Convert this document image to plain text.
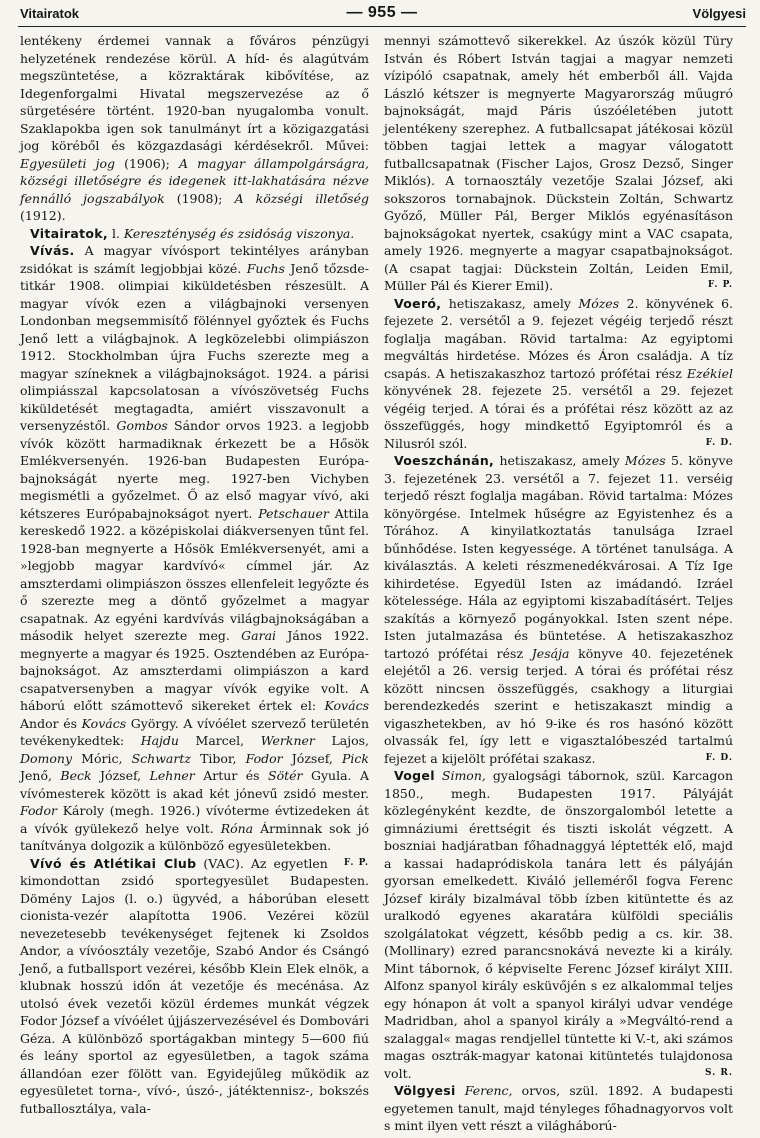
Vitairatok	— 955 —	Völgyesi

lentékeny érdemei vannak a főváros pénzügyi helyzetének rendezése körül. A híd- és alagútvám megszüntetése, a közraktárak kibővítése, az Idegenforgalmi Hivatal megszervezése az ő sürgetésére történt. 1920-ban nyugalomba vonult. Szaklapokba igen sok tanulmányt írt a közigazgatási jog köréből és közgazdasági kérdésekről. Művei: Egyesületi jog (1906); A magyar állampolgárságra, községi illetőségre és idegenek itt-lakhatására nézve fennálló jogszabályok (1908); A községi illetőség (1912).

Vitairatok, l. Kereszténység és zsidóság viszonya.

Vívás. A magyar vívósport tekintélyes arányban zsidókat is számít legjobbjai közé. Fuchs Jenő tőzsde-titkár 1908. olimpiai kiküldetésben részesült. A magyar vívók ezen a világbajnoki versenyen Londonban megsemmisítő fölénnyel győztek és Fuchs Jenő lett a világbajnok. A legközelebbi olimpiászon 1912. Stockholmban újra Fuchs szerezte meg a magyar színeknek a világbajnokságot. 1924. a párisi olimpiásszal kapcsolatosan a vívószövetség Fuchs kiküldetését megtagadta, amiért visszavonult a versenyzéstől. Gombos Sándor orvos 1923. a legjobb vívók között harmadiknak érkezett be a Hősök Emlékversenyén. 1926-ban Budapesten Európa-bajnokságát nyerte meg. 1927-ben Vichyben megismétli a győzelmet. Ő az első magyar vívó, aki kétszeres Európabajnokságot nyert. Petschauer Attila kereskedő 1922. a középiskolai diákversenyen tűnt fel. 1928-ban megnyerte a Hősök Emlékversenyét, ami a »legjobb magyar kardvívó« címmel jár. Az amszterdami olimpiászon összes ellenfeleit legyőzte és ő szerezte meg a döntő győzelmet a magyar csapatnak. Az egyéni kardvívás világbajnokságában a második helyet szerezte meg. Garai János 1922. megnyerte a magyar és 1925. Osztendében az Európa-bajnokságot. Az amszterdami olimpiászon a kard csapatversenyben a magyar vívók egyike volt. A háború előtt számottevő sikereket értek el: Kovács Andor és Kovács György. A vívóélet szervező területén tevékenykedtek: Hajdu Marcel, Werkner Lajos, Domony Móric, Schwartz Tibor, Fodor József, Pick Jenő, Beck József, Lehner Artur és Sötér Gyula. A vívómesterek között is akad két jónevű zsidó mester. Fodor Károly (megh. 1926.) vívóterme évtizedeken át a vívók gyülekező helye volt. Róna Árminnak sok jó tanítványa dolgozik a különböző egyesületekben.
F. P.

Vívó és Atlétikai Club (VAC). Az egyetlen kimondottan zsidó sportegyesület Budapesten. Dömény Lajos (l. o.) ügyvéd, a háborúban elesett cionista-vezér alapította 1906. Vezérei közül nevezetesebb tevékenységet fejtenek ki Zsoldos Andor, a vívóosztály vezetője, Szabó Andor és Csángó Jenő, a futballsport vezérei, később Klein Elek elnök, a klubnak hosszú időn át vezetője és mecénása. Az utolsó évek vezetői közül érdemes munkát végzek Fodor József a vívóélet újjászervezésével és Dombovári Géza. A különböző sportágakban mintegy 5—600 fiú és leány sportol az egyesületben, a tagok száma állandóan ezer fölött van. Egyidejűleg működik az egyesületet torna-, vívó-, úszó-, játéktennisz-, bokszés futballosztálya, vala-

mennyi számottevő sikerekkel. Az úszók közül Türy István és Róbert István tagjai a magyar nemzeti vízipóló csapatnak, amely hét emberből áll. Vajda László kétszer is megnyerte Magyarország műugró bajnokságát, majd Páris úszóéletében jutott jelentékeny szerephez. A futballcsapat játékosai közül többen tagjai lettek a magyar válogatott futballcsapatnak (Fischer Lajos, Grosz Dezső, Singer Miklós). A tornaosztály vezetője Szalai József, aki sokszoros tornabajnok. Dückstein Zoltán, Schwartz Győző, Müller Pál, Berger Miklós egyénasításon bajnokságokat nyertek, csakúgy mint a VAC csapata, amely 1926. megnyerte a magyar csapatbajnokságot. (A csapat tagjai: Dückstein Zoltán, Leiden Emil, Müller Pál és Kierer Emil).	F. P.

Voeró, hetiszakasz, amely Mózes 2. könyvének 6. fejezete 2. versétől a 9. fejezet végéig terjedő részt foglalja magában. Rövid tartalma: Az egyiptomi megváltás hirdetése. Mózes és Áron családja. A tíz csapás. A hetiszakaszhoz tartozó prófétai rész Ezékiel könyvének 28. fejezete 25. versétől a 29. fejezet végéig terjed. A tórai és a prófétai rész között az az összefüggés, hogy mindkettő Egyiptomról és a Nilusról szól.	F. D.

Voeszchánán, hetiszakasz, amely Mózes 5. könyve 3. fejezetének 23. versétől a 7. fejezet 11. verséig terjedő részt foglalja magában. Rövid tartalma: Mózes könyörgése. Intelmek hűségre az Egyistenhez és a Tórához. A kinyilatkoztatás tanulsága Izrael bűnhődése. Isten kegyessége. A történet tanulsága. A kiválasztás. A keleti részmenedékvárosai. A Tíz Ige kihirdetése. Egyedül Isten az imádandó. Izráel kötelessége. Hála az egyiptomi kiszabadításért. Teljes szakítás a környező pogányokkal. Isten szent népe. Isten jutalmazása és büntetése. A hetiszakaszhoz tartozó prófétai rész Jesája könyve 40. fejezetének elejétől a 26. versig terjed. A tórai és prófétai rész között nincsen összefüggés, csakhogy a liturgiai berendezkedés szerint e hetiszakaszt mindig a vigaszhetekben, av hó 9-ike és ros hasónó között olvassák fel, így lett e vigasztalóbeszéd tartalmú fejezet a kijelölt prófétai szakasz.	F. D.

Vogel Simon, gyalogsági tábornok, szül. Karcagon 1850., megh. Budapesten 1917. Pályáját közlegényként kezdte, de önszorgalomból letette a gimnáziumi érettségit és tiszti iskolát végzett. A boszniai hadjáratban főhadnaggyá léptették elő, majd a kassai hadapródiskola tanára lett és pályáján gyorsan emelkedett. Kiváló jelleméről fogva Ferenc József király bizalmával több ízben kitüntette és az uralkodó egyenes akaratára külföldi speciális szolgálatokat végzett, később pedig a cs. kir. 38. (Mollinary) ezred parancsnokává nevezte ki a király. Mint tábornok, ő képviselte Ferenc József királyt XIII. Alfonz spanyol király esküvőjén s ez alkalommal teljes egy hónapon át volt a spanyol királyi udvar vendége Madridban, ahol a spanyol király a »Megváltó-rend a szalaggal« magas rendjellel tüntette ki V.-t, aki számos magas osztrák-magyar katonai kitüntetés tulajdonosa volt.	S. R.

Völgyesi Ferenc, orvos, szül. 1892. A budapesti egyetemen tanult, majd tényleges főhadnagyorvos volt s mint ilyen vett részt a világháború-
